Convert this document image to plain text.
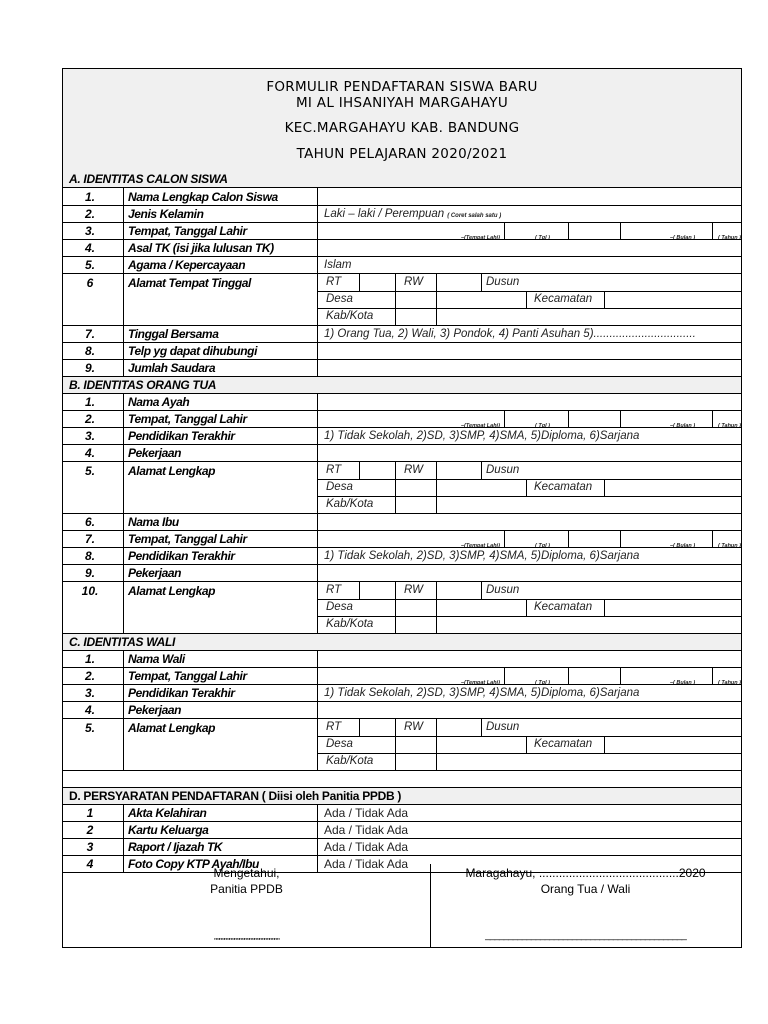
FORMULIR PENDAFTARAN SISWA BARU
MI AL IHSANIYAH MARGAHAYU
KEC.MARGAHAYU KAB. BANDUNG
TAHUN PELAJARAN 2020/2021
A. IDENTITAS CALON SISWA
1.	Nama Lengkap Calon Siswa
2.	Jenis Kelamin	Laki – laki / Perempuan ( Coret salah satu )
3.	Tempat, Tanggal Lahir	–(Tempat Lahi)	( Tgl )	–( Bulan )	( Tahun )
4.	Asal TK (isi jika lulusan TK)
5.	Agama / Kepercayaan	Islam
6	Alamat Tempat Tinggal	RT	RW	Dusun
Desa	Kecamatan
Kab/Kota
7.	Tinggal Bersama	1) Orang Tua, 2) Wali, 3) Pondok, 4) Panti Asuhan 5)................................
8.	Telp yg dapat dihubungi
9.	Jumlah Saudara
B. IDENTITAS ORANG TUA
1.	Nama Ayah
2.	Tempat, Tanggal Lahir	–(Tempat Lahi)	( Tgl )	–( Bulan )	( Tahun )
3.	Pendidikan Terakhir	1) Tidak Sekolah, 2)SD, 3)SMP, 4)SMA, 5)Diploma, 6)Sarjana
4.	Pekerjaan
5.	Alamat Lengkap	RT	RW	Dusun
Desa	Kecamatan
Kab/Kota
6.	Nama Ibu
7.	Tempat, Tanggal Lahir	–(Tempat Lahi)	( Tgl )	–( Bulan )	( Tahun )
8.	Pendidikan Terakhir	1) Tidak Sekolah, 2)SD, 3)SMP, 4)SMA, 5)Diploma, 6)Sarjana
9.	Pekerjaan
10.	Alamat Lengkap	RT	RW	Dusun
Desa	Kecamatan
Kab/Kota
C. IDENTITAS WALI
1.	Nama Wali
2.	Tempat, Tanggal Lahir	–(Tempat Lahi)	( Tgl )	–( Bulan )	( Tahun )
3.	Pendidikan Terakhir	1) Tidak Sekolah, 2)SD, 3)SMP, 4)SMA, 5)Diploma, 6)Sarjana
4.	Pekerjaan
5.	Alamat Lengkap	RT	RW	Dusun
Desa	Kecamatan
Kab/Kota
D. PERSYARATAN PENDAFTARAN ( Diisi oleh Panitia PPDB )
1	Akta Kelahiran	Ada / Tidak Ada
2	Kartu Keluarga	Ada / Tidak Ada
3	Raport / Ijazah TK	Ada / Tidak Ada
4	Foto Copy KTP Ayah/Ibu	Ada / Tidak Ada
Mengetahui,
Panitia PPDB
„„„„„„„„„„„„„„„„„„„„„„„„„„„„„„„„„„„„„„„
Maragahayu, ..........................................2020
Orang Tua / Wali
____________________________________________
